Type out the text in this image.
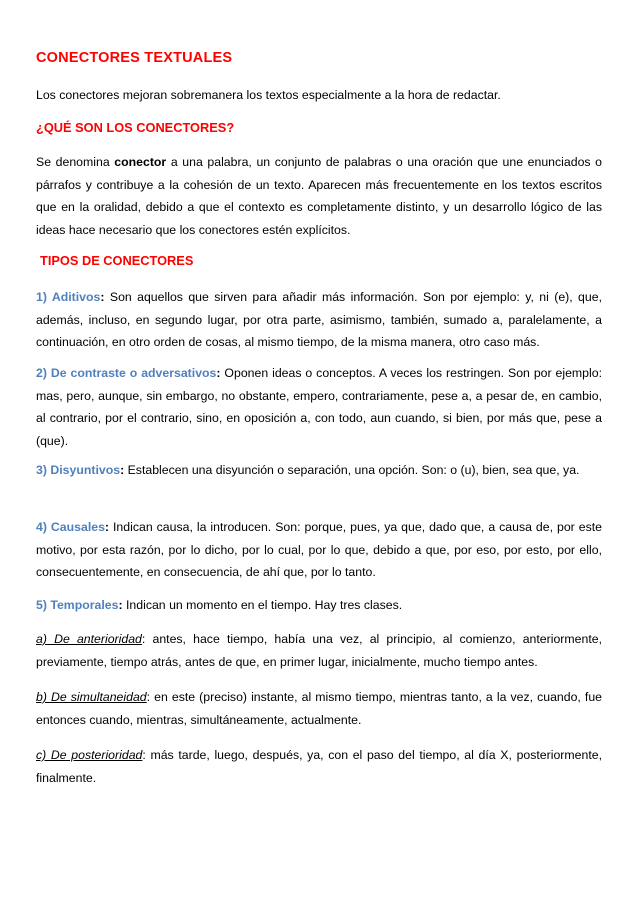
CONECTORES TEXTUALES
Los conectores mejoran sobremanera los textos especialmente a la hora de redactar.
¿QUÉ SON LOS CONECTORES?
Se denomina conector a una palabra, un conjunto de palabras o una oración que une enunciados o párrafos y contribuye a la cohesión de un texto. Aparecen más frecuentemente en los textos escritos que en la oralidad, debido a que el contexto es completamente distinto, y un desarrollo lógico de las ideas hace necesario que los conectores estén explícitos.
TIPOS DE CONECTORES
1) Aditivos: Son aquellos que sirven para añadir más información. Son por ejemplo: y, ni (e), que, además, incluso, en segundo lugar, por otra parte, asimismo, también, sumado a, paralelamente, a continuación, en otro orden de cosas, al mismo tiempo, de la misma manera, otro caso más.
2) De contraste o adversativos: Oponen ideas o conceptos. A veces los restringen. Son por ejemplo: mas, pero, aunque, sin embargo, no obstante, empero, contrariamente, pese a, a pesar de, en cambio, al contrario, por el contrario, sino, en oposición a, con todo, aun cuando, si bien, por más que, pese a (que).
3) Disyuntivos: Establecen una disyunción o separación, una opción. Son: o (u), bien, sea que, ya.
4) Causales: Indican causa, la introducen. Son: porque, pues, ya que, dado que, a causa de, por este motivo, por esta razón, por lo dicho, por lo cual, por lo que, debido a que, por eso, por esto, por ello, consecuentemente, en consecuencia, de ahí que, por lo tanto.
5) Temporales: Indican un momento en el tiempo. Hay tres clases.
a) De anterioridad: antes, hace tiempo, había una vez, al principio, al comienzo, anteriormente, previamente, tiempo atrás, antes de que, en primer lugar, inicialmente, mucho tiempo antes.
b) De simultaneidad: en este (preciso) instante, al mismo tiempo, mientras tanto, a la vez, cuando, fue entonces cuando, mientras, simultáneamente, actualmente.
c) De posterioridad: más tarde, luego, después, ya, con el paso del tiempo, al día X, posteriormente, finalmente.
